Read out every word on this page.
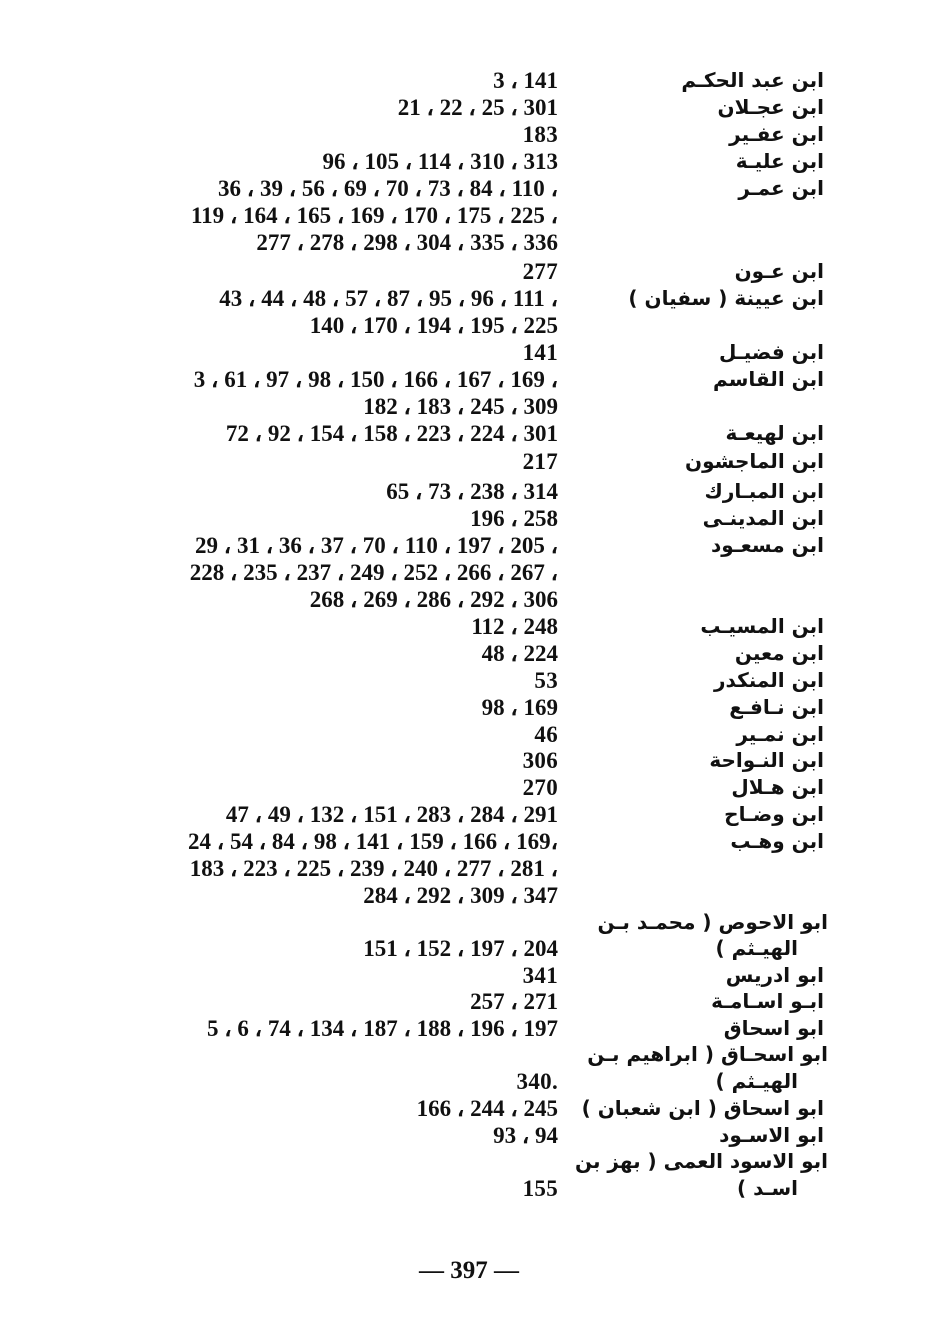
ابن عبد الحكـم
141 ، 3
ابن عجـلان
301 ، 25 ، 22 ، 21
ابن عفـير
183
ابن عليـة
313 ، 310 ، 114 ، 105 ، 96
ابن عمـر
، 110 ، 84 ، 73 ، 70 ، 69 ، 56 ، 39 ، 36
، 225 ، 175 ، 170 ، 169 ، 165 ، 164 ، 119
336 ، 335 ، 304 ، 298 ، 278 ، 277
ابن عـون
277
ابن عيينة ( سفيان )
، 111 ، 96 ، 95 ، 87 ، 57 ، 48 ، 44 ، 43
225 ، 195 ، 194 ، 170 ، 140
ابن فضيـل
141
ابن القاسم
، 169 ، 167 ، 166 ، 150 ، 98 ، 97 ، 61 ، 3
309 ، 245 ، 183 ، 182
ابن لهيعـة
301 ، 224 ، 223 ، 158 ، 154 ، 92 ، 72
ابن الماجشون
217
ابن المبـارك
314 ، 238 ، 73 ، 65
ابن المدينـى
258 ، 196
ابن مسعـود
، 205 ، 197 ، 110 ، 70 ، 37 ، 36 ، 31 ، 29
، 267 ، 266 ، 252 ، 249 ، 237 ، 235 ، 228
306 ، 292 ، 286 ، 269 ، 268
ابن المسيـب
248 ، 112
ابن معين
224 ، 48
ابن المنكدر
53
ابن نـافـع
169 ، 98
ابن نمـير
46
ابن النـواحة
306
ابن هـلال
270
ابن وضـاح
291 ، 284 ، 283 ، 151 ، 132 ، 49 ، 47
ابن وهـب
،169 ، 166 ، 159 ، 141 ، 98 ، 84 ، 54 ، 24
، 281 ، 277 ، 240 ، 239 ، 225 ، 223 ، 183
347 ، 309 ، 292 ، 284
ابو الاحوص ( محمـد بـن
الهيـثم )
204 ، 197 ، 152 ، 151
ابو ادريس
341
ابـو اسـامـة
271 ، 257
ابو اسحاق
197 ، 196 ، 188 ، 187 ، 134 ، 74 ، 6 ، 5
ابو اسحـاق ( ابراهيم بـن
الهيـثم )
.340
ابو اسحاق ( ابن شعبان )
245 ، 244 ، 166
ابو الاسـود
94 ، 93
ابو الاسود العمى ( بهز بن
اسـد )
155
— 397 —
